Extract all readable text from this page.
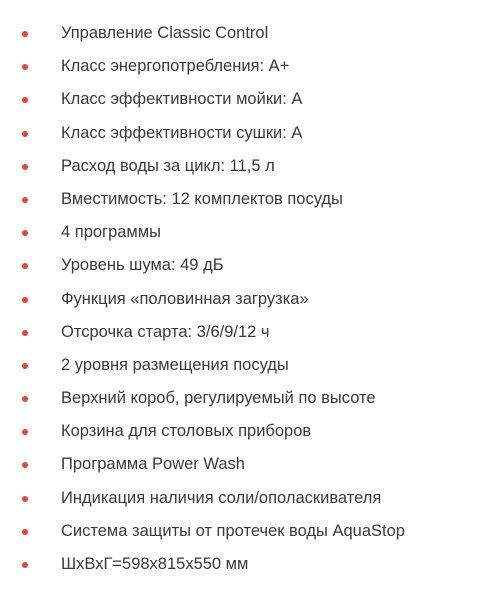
Управление Classic Control
Класс энергопотребления: А+
Класс эффективности мойки: А
Класс эффективности сушки: А
Расход воды за цикл: 11,5 л
Вместимость: 12 комплектов посуды
4 программы
Уровень шума: 49 дБ
Функция «половинная загрузка»
Отсрочка старта: 3/6/9/12 ч
2 уровня размещения посуды
Верхний короб, регулируемый по высоте
Корзина для столовых приборов
Программа Power Wash
Индикация наличия соли/ополаскивателя
Система защиты от протечек воды AquaStop
ШхВхГ=598х815х550 мм
